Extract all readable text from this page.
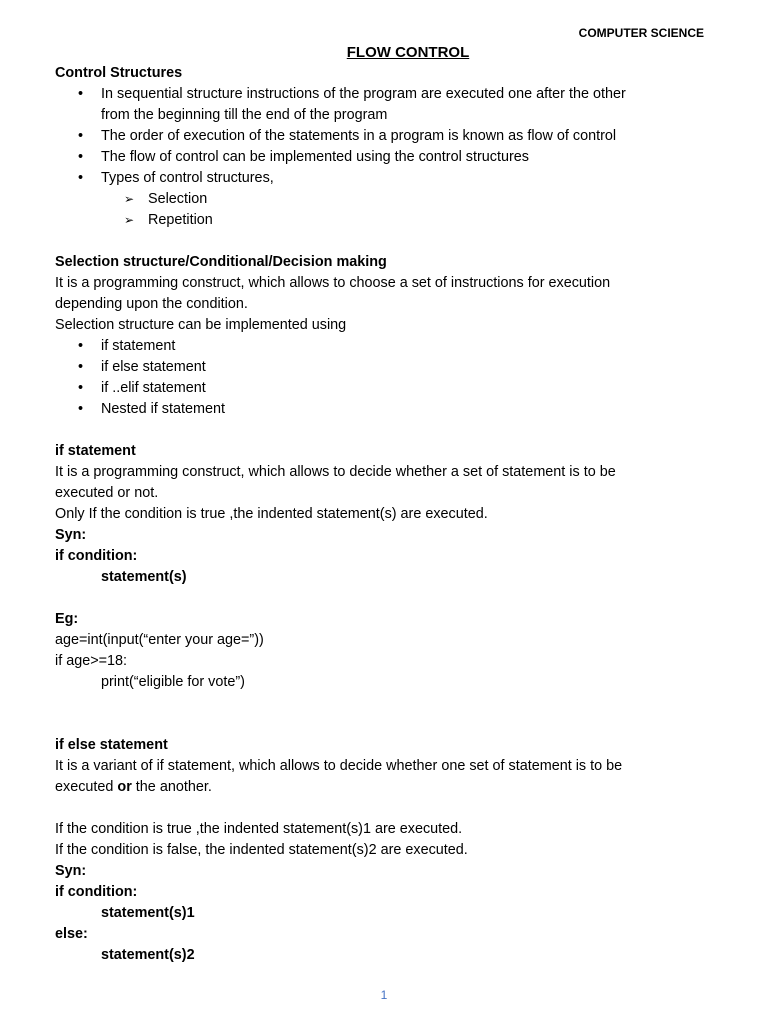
COMPUTER SCIENCE
FLOW CONTROL
Control Structures
•	In sequential structure instructions of the program are executed one after the other
from the beginning till the end of the program
•	The order of execution of the statements in a program is known as flow of control
•	The flow of control can be implemented using the control structures
•	Types of control structures,
➢ Selection
➢ Repetition
Selection structure/Conditional/Decision making
It is a programming construct, which allows to choose a set of instructions for execution
depending upon the condition.
Selection structure can be implemented using
•	if statement
•	if else statement
•	if ..elif statement
•	Nested if statement
if statement
It is a programming construct, which allows to decide whether a set of statement is to be
executed or not.
Only If the condition is true ,the indented statement(s) are executed.
Syn:
if condition:
statement(s)
Eg:
age=int(input(“enter your age=”))
if age>=18:
print(“eligible for vote”)
if else statement
It is a variant of if statement, which allows to decide whether one set of statement is to be
executed or the another.
If the condition is true ,the indented statement(s)1 are executed.
If the condition is false, the indented statement(s)2 are executed.
Syn:
if condition:
statement(s)1
else:
statement(s)2
1
